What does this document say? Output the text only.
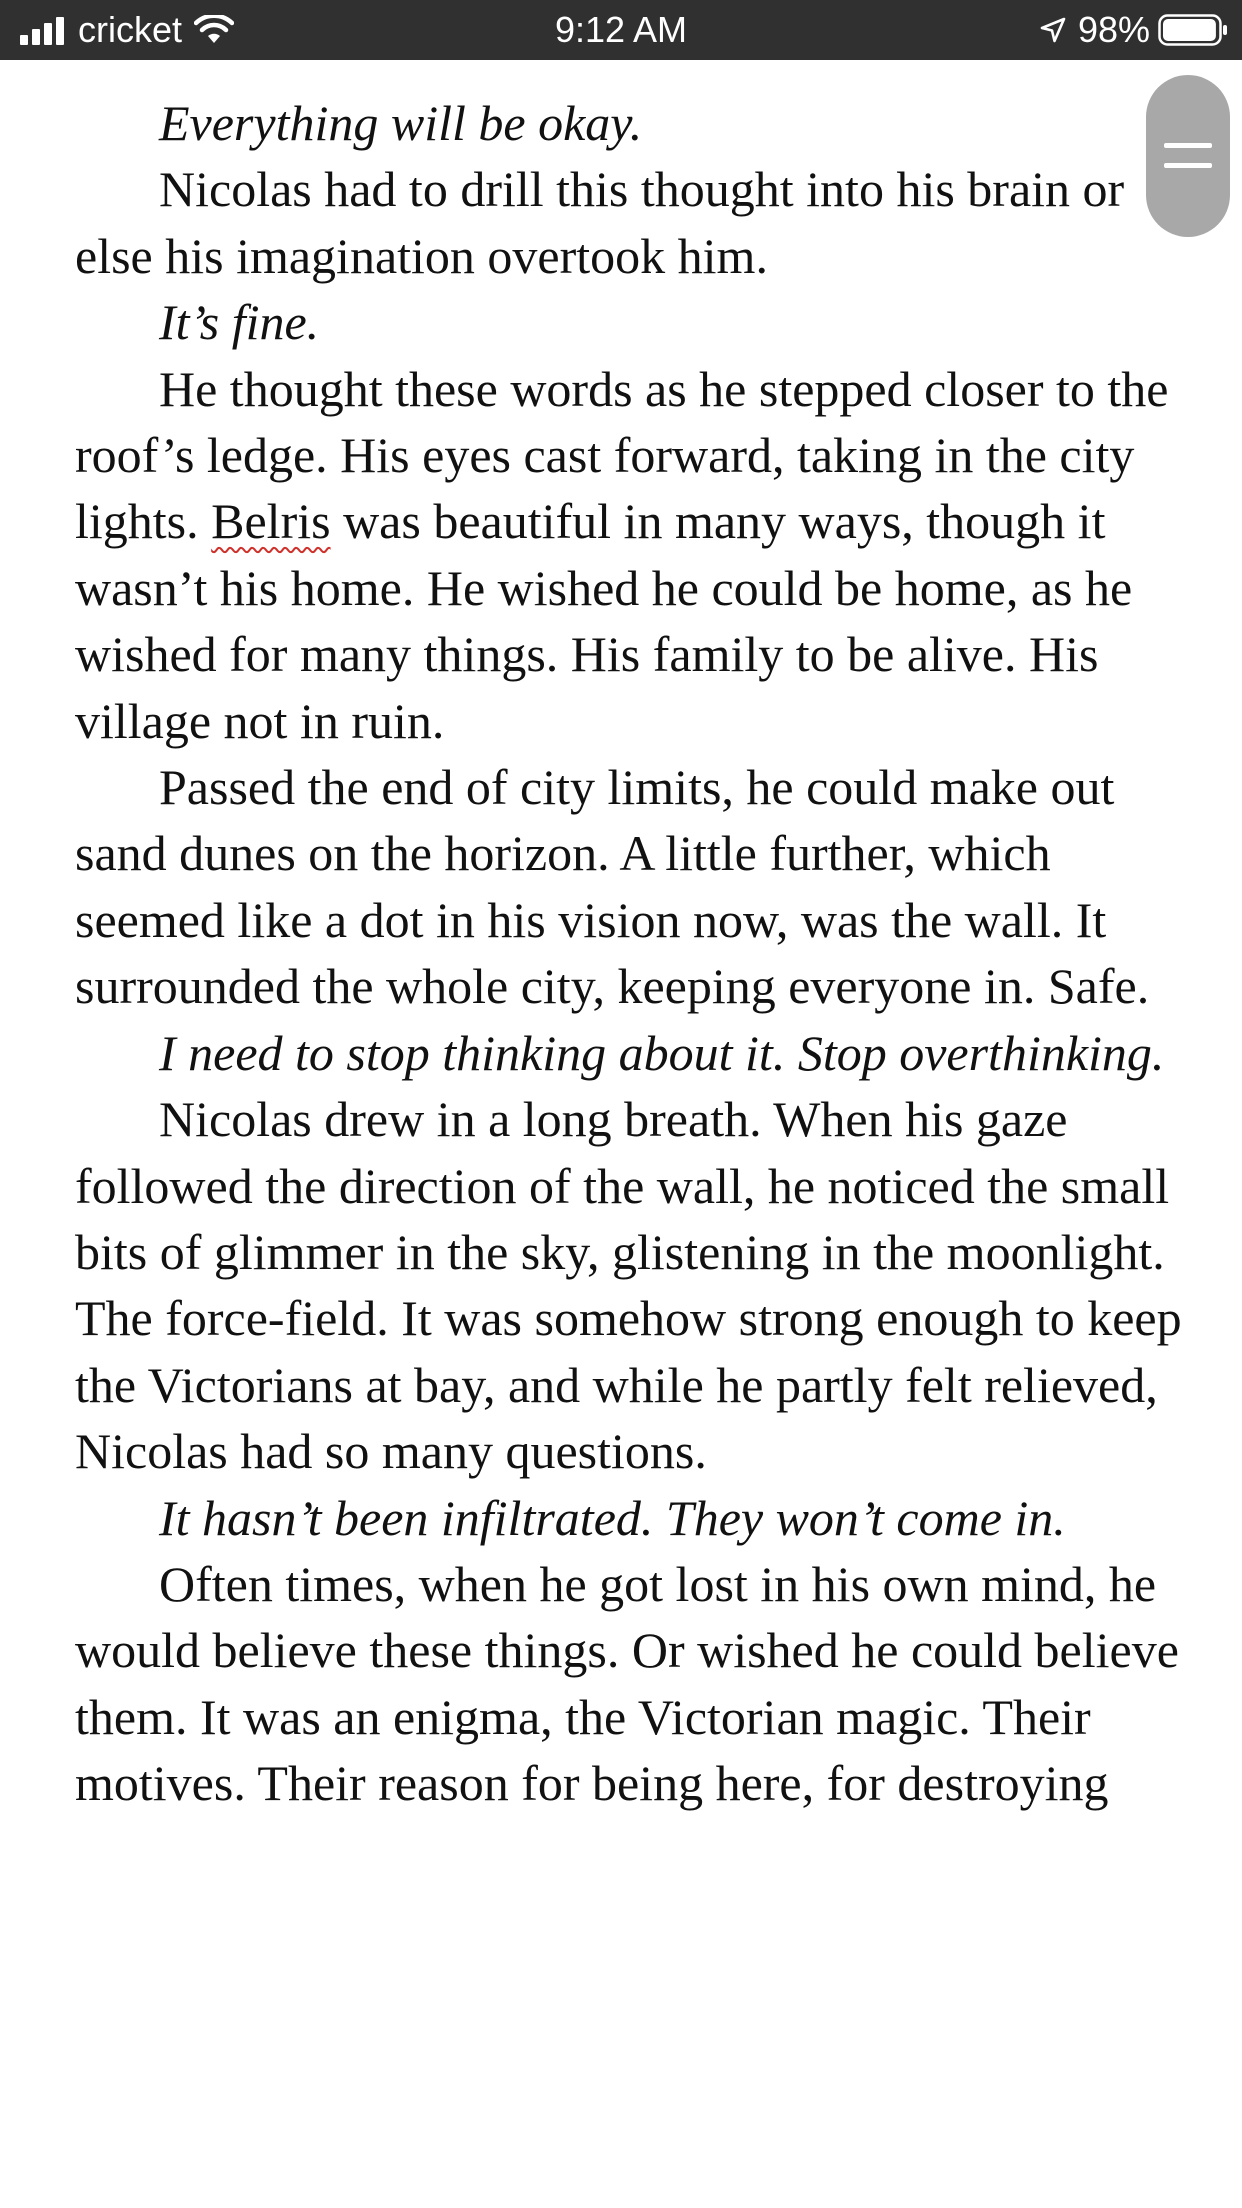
cricket	9:12 AM	98%

Everything will be okay.

Nicolas had to drill this thought into his brain or else his imagination overtook him.

It’s fine.

He thought these words as he stepped closer to the roof’s ledge. His eyes cast forward, taking in the city lights. Belris was beautiful in many ways, though it wasn’t his home. He wished he could be home, as he wished for many things. His family to be alive. His village not in ruin.

Passed the end of city limits, he could make out sand dunes on the horizon. A little further, which seemed like a dot in his vision now, was the wall. It surrounded the whole city, keeping everyone in. Safe.

I need to stop thinking about it. Stop overthinking.

Nicolas drew in a long breath. When his gaze followed the direction of the wall, he noticed the small bits of glimmer in the sky, glistening in the moonlight. The force-field. It was somehow strong enough to keep the Victorians at bay, and while he partly felt relieved, Nicolas had so many questions.

It hasn’t been infiltrated. They won’t come in.

Often times, when he got lost in his own mind, he would believe these things. Or wished he could believe them. It was an enigma, the Victorian magic. Their motives. Their reason for being here, for destroying
